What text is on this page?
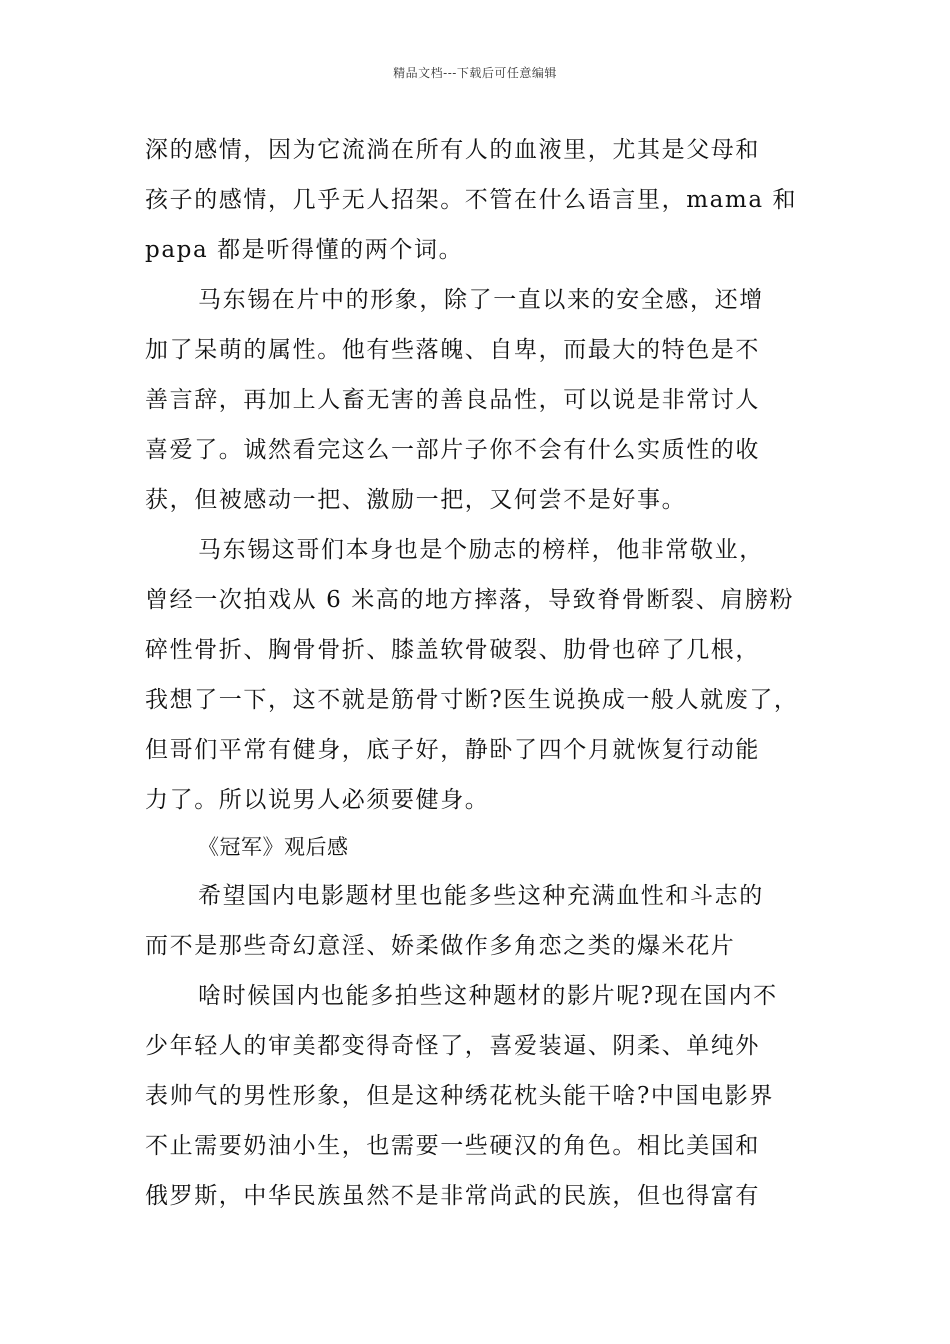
精品文档---下载后可任意编辑
深的感情，因为它流淌在所有人的血液里，尤其是父母和
孩子的感情，几乎无人招架。不管在什么语言里，mama 和
papa 都是听得懂的两个词。
马东锡在片中的形象，除了一直以来的安全感，还增
加了呆萌的属性。他有些落魄、自卑，而最大的特色是不
善言辞，再加上人畜无害的善良品性，可以说是非常讨人
喜爱了。诚然看完这么一部片子你不会有什么实质性的收
获，但被感动一把、激励一把，又何尝不是好事。
马东锡这哥们本身也是个励志的榜样，他非常敬业，
曾经一次拍戏从 6 米高的地方摔落，导致脊骨断裂、肩膀粉
碎性骨折、胸骨骨折、膝盖软骨破裂、肋骨也碎了几根，
我想了一下，这不就是筋骨寸断?医生说换成一般人就废了，
但哥们平常有健身，底子好，静卧了四个月就恢复行动能
力了。所以说男人必须要健身。
《冠军》观后感
希望国内电影题材里也能多些这种充满血性和斗志的
而不是那些奇幻意淫、娇柔做作多角恋之类的爆米花片
啥时候国内也能多拍些这种题材的影片呢?现在国内不
少年轻人的审美都变得奇怪了，喜爱装逼、阴柔、单纯外
表帅气的男性形象，但是这种绣花枕头能干啥?中国电影界
不止需要奶油小生，也需要一些硬汉的角色。相比美国和
俄罗斯，中华民族虽然不是非常尚武的民族，但也得富有
